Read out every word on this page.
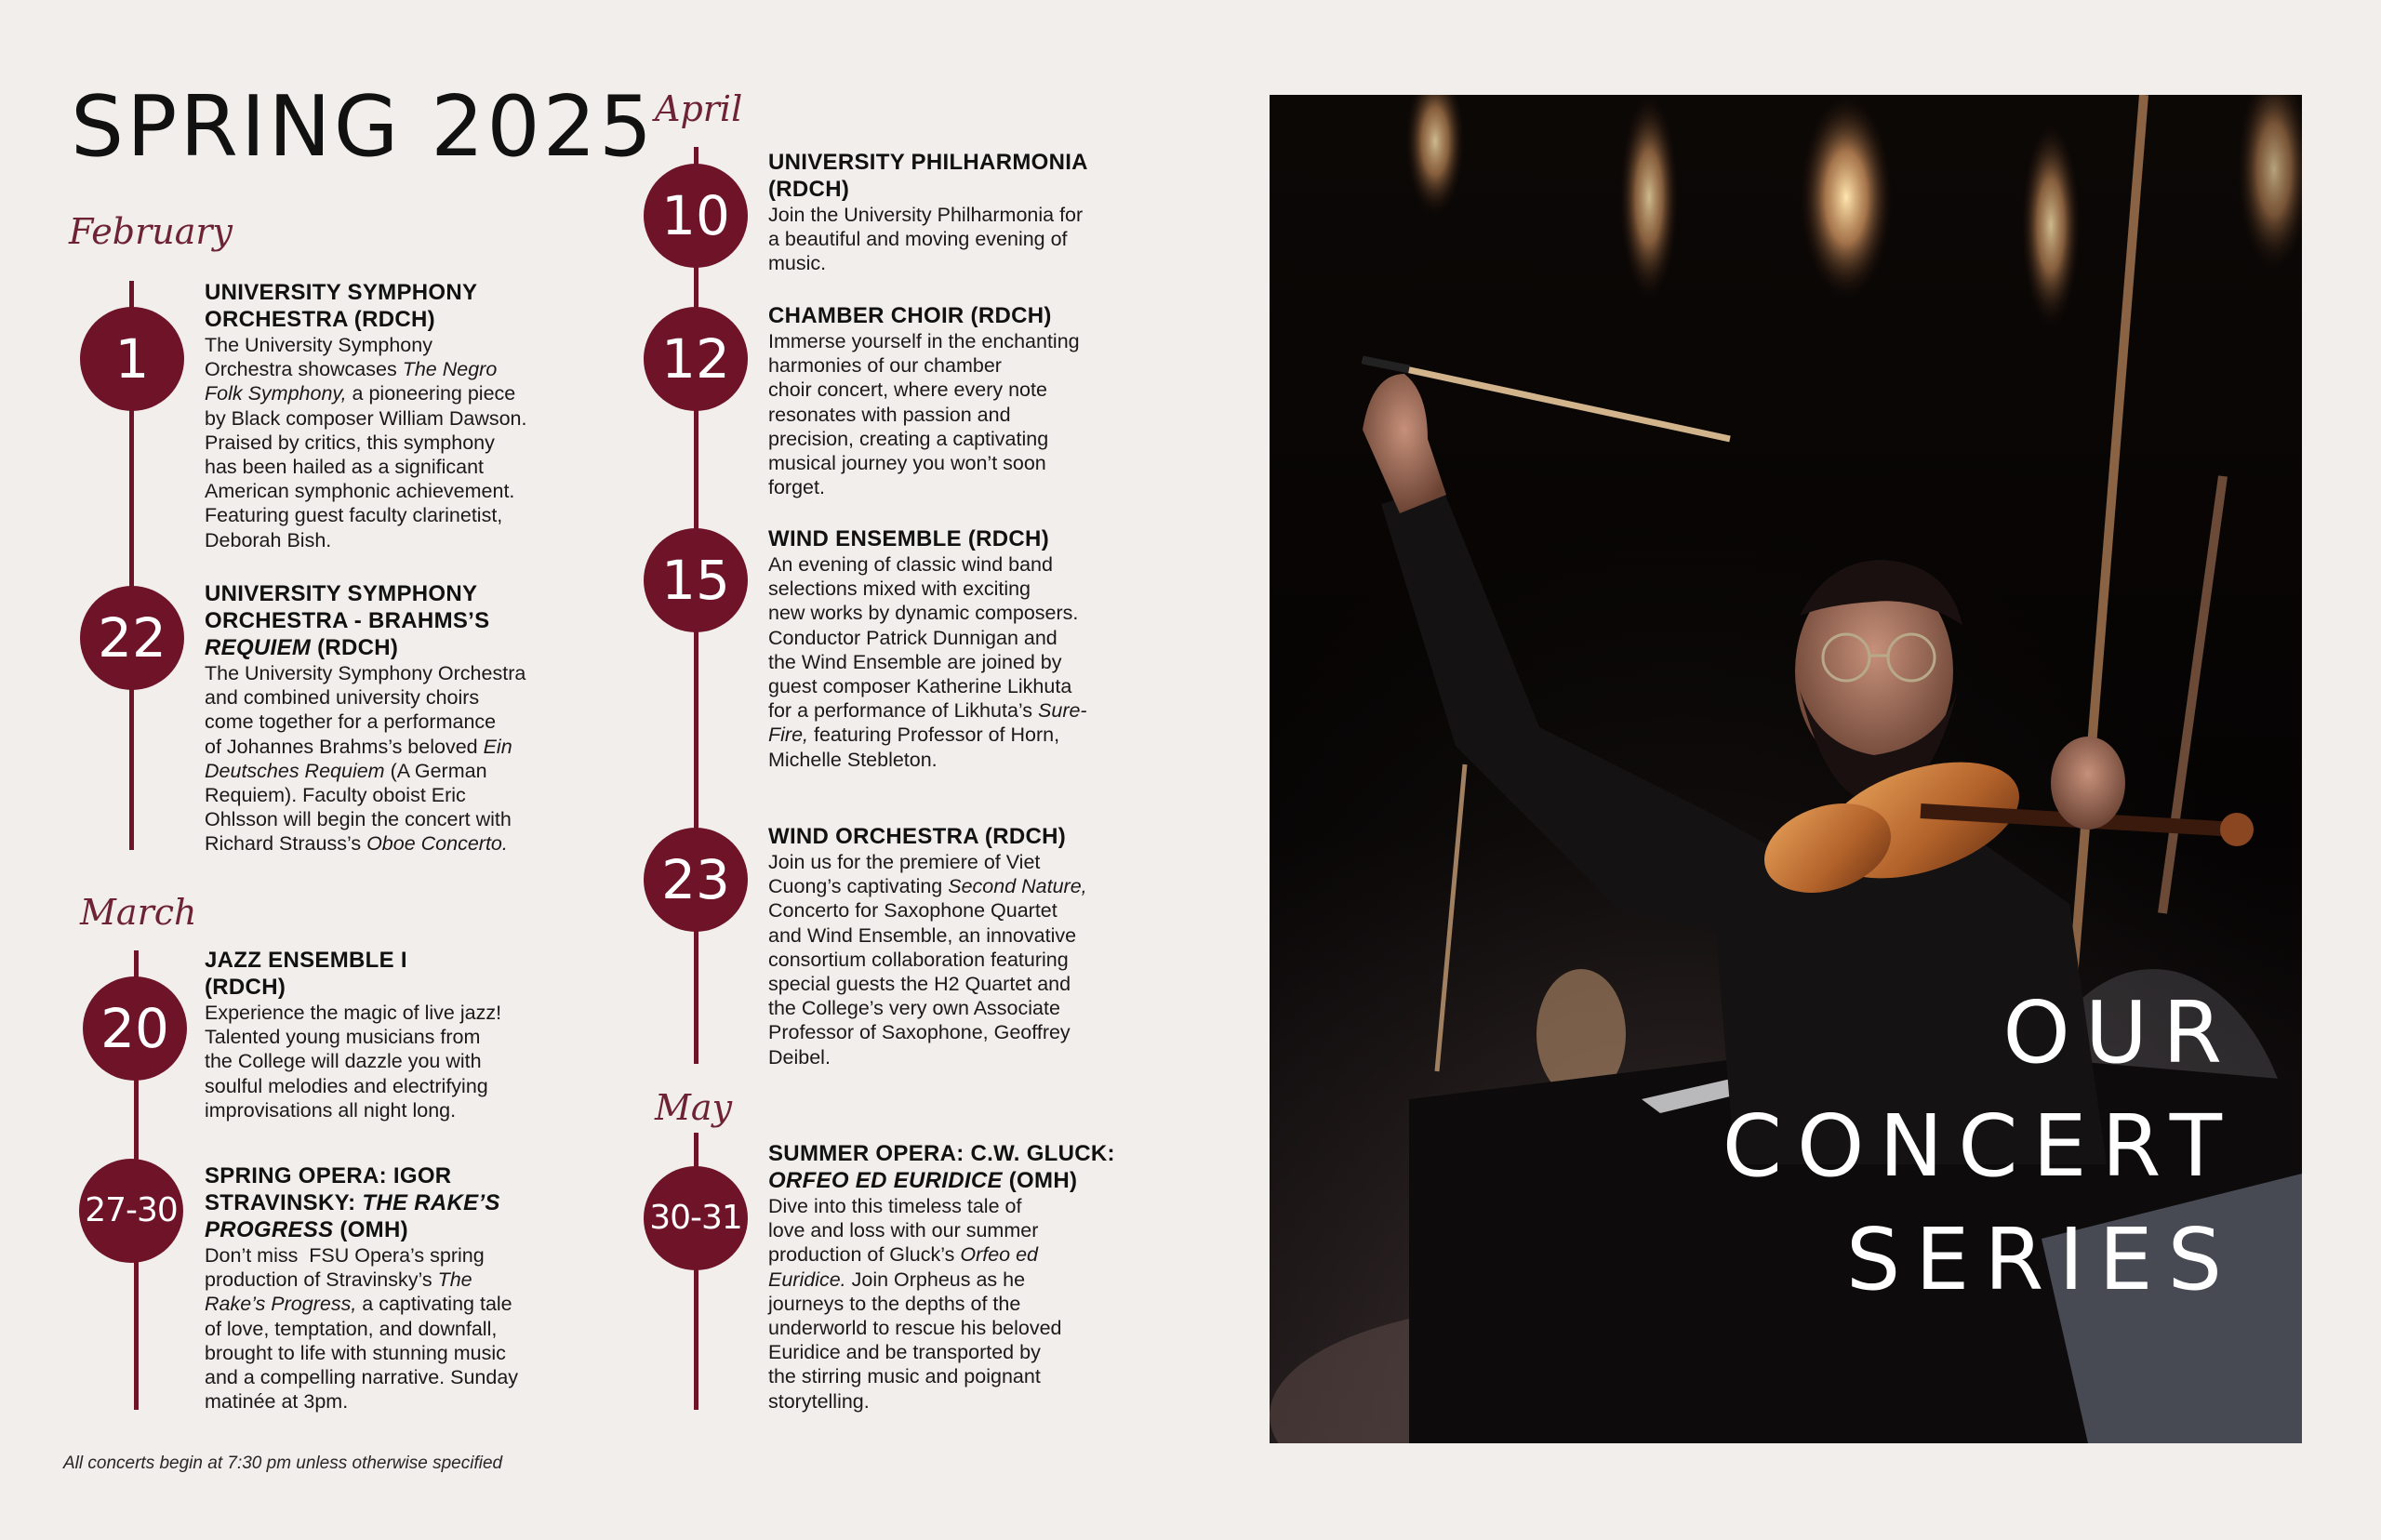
SPRING 2025
February
March
April
May
1
22
20
27-30
10
12
15
23
30-31
UNIVERSITY SYMPHONY
ORCHESTRA (RDCH)
The University Symphony
Orchestra showcases The Negro
Folk Symphony, a pioneering piece
by Black composer William Dawson.
Praised by critics, this symphony
has been hailed as a significant
American symphonic achievement.
Featuring guest faculty clarinetist,
Deborah Bish.
UNIVERSITY SYMPHONY
ORCHESTRA - BRAHMS’S
REQUIEM (RDCH)
The University Symphony Orchestra
and combined university choirs
come together for a performance
of Johannes Brahms’s beloved Ein
Deutsches Requiem (A German
Requiem). Faculty oboist Eric
Ohlsson will begin the concert with
Richard Strauss’s Oboe Concerto.
JAZZ ENSEMBLE I
(RDCH)
Experience the magic of live jazz!
Talented young musicians from
the College will dazzle you with
soulful melodies and electrifying
improvisations all night long.
SPRING OPERA: IGOR
STRAVINSKY: THE RAKE’S
PROGRESS (OMH)
Don’t miss  FSU Opera’s spring
production of Stravinsky’s The
Rake’s Progress, a captivating tale
of love, temptation, and downfall,
brought to life with stunning music
and a compelling narrative. Sunday
matinée at 3pm.
UNIVERSITY PHILHARMONIA
(RDCH)
Join the University Philharmonia for
a beautiful and moving evening of
music.
CHAMBER CHOIR (RDCH)
Immerse yourself in the enchanting
harmonies of our chamber
choir concert, where every note
resonates with passion and
precision, creating a captivating
musical journey you won’t soon
forget.
WIND ENSEMBLE (RDCH)
An evening of classic wind band
selections mixed with exciting
new works by dynamic composers.
Conductor Patrick Dunnigan and
the Wind Ensemble are joined by
guest composer Katherine Likhuta
for a performance of Likhuta’s Sure-
Fire, featuring Professor of Horn,
Michelle Stebleton.
WIND ORCHESTRA (RDCH)
Join us for the premiere of Viet
Cuong’s captivating Second Nature,
Concerto for Saxophone Quartet
and Wind Ensemble, an innovative
consortium collaboration featuring
special guests the H2 Quartet and
the College’s very own Associate
Professor of Saxophone, Geoffrey
Deibel.
SUMMER OPERA: C.W. GLUCK:
ORFEO ED EURIDICE (OMH)
Dive into this timeless tale of
love and loss with our summer
production of Gluck’s Orfeo ed
Euridice. Join Orpheus as he
journeys to the depths of the
underworld to rescue his beloved
Euridice and be transported by
the stirring music and poignant
storytelling.
All concerts begin at 7:30 pm unless otherwise specified
OUR
CONCERT
SERIES
